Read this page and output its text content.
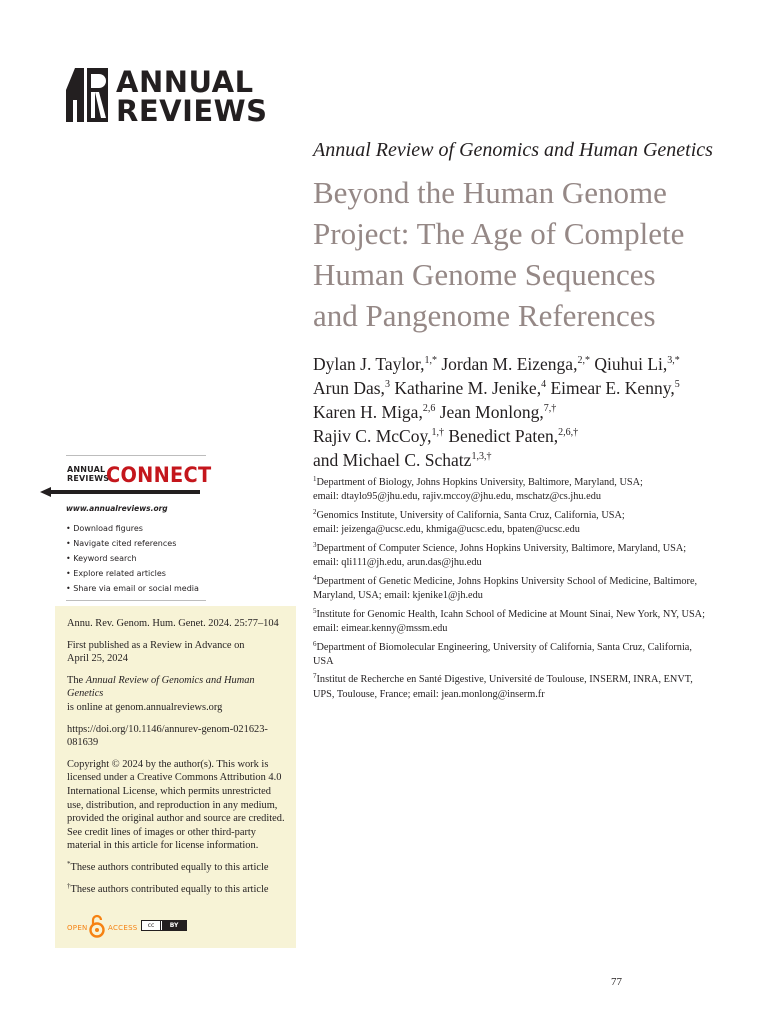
ANNUAL
REVIEWS
Annual Review of Genomics and Human Genetics
Beyond the Human Genome
Project: The Age of Complete
Human Genome Sequences
and Pangenome References
Dylan J. Taylor,$^{1,*}$ Jordan M. Eizenga,$^{2,*}$ Qiuhui Li,$^{3,*}$
Arun Das,$^3$ Katharine M. Jenike,$^4$ Eimear E. Kenny,$^5$
Karen H. Miga,$^{2,6}$ Jean Monlong,$^{7,\dagger}$
Rajiv C. McCoy,$^{1,\dagger}$ Benedict Paten,$^{2,6,\dagger}$
and Michael C. Schatz$^{1,3,\dagger}$
$^1$Department of Biology, Johns Hopkins University, Baltimore, Maryland, USA;
email: dtaylo95@jhu.edu, rajiv.mccoy@jhu.edu, mschatz@cs.jhu.edu
$^2$Genomics Institute, University of California, Santa Cruz, California, USA;
email: jeizenga@ucsc.edu, khmiga@ucsc.edu, bpaten@ucsc.edu
$^3$Department of Computer Science, Johns Hopkins University, Baltimore, Maryland, USA;
email: qli111@jh.edu, arun.das@jhu.edu
$^4$Department of Genetic Medicine, Johns Hopkins University School of Medicine, Baltimore,
Maryland, USA; email: kjenike1@jh.edu
$^5$Institute for Genomic Health, Icahn School of Medicine at Mount Sinai, New York, NY, USA;
email: eimear.kenny@mssm.edu
$^6$Department of Biomolecular Engineering, University of California, Santa Cruz, California,
USA
$^7$Institut de Recherche en Santé Digestive, Université de Toulouse, INSERM, INRA, ENVT,
UPS, Toulouse, France; email: jean.monlong@inserm.fr
ANNUAL
REVIEWS
CONNECT
www.annualreviews.org
• Download figures
• Navigate cited references
• Keyword search
• Explore related articles
• Share via email or social media

Annu. Rev. Genom. Hum. Genet. 2024. 25:77–104

First published as a Review in Advance on
April 25, 2024

The Annual Review of Genomics and Human Genetics
is online at genom.annualreviews.org

https://doi.org/10.1146/annurev-genom-021623-
081639

Copyright © 2024 by the author(s). This work is
licensed under a Creative Commons Attribution 4.0
International License, which permits unrestricted
use, distribution, and reproduction in any medium,
provided the original author and source are credited.
See credit lines of images or other third-party
material in this article for license information.

*These authors contributed equally to this article

†These authors contributed equally to this article

OPEN	ACCESS	cc	BY
77
